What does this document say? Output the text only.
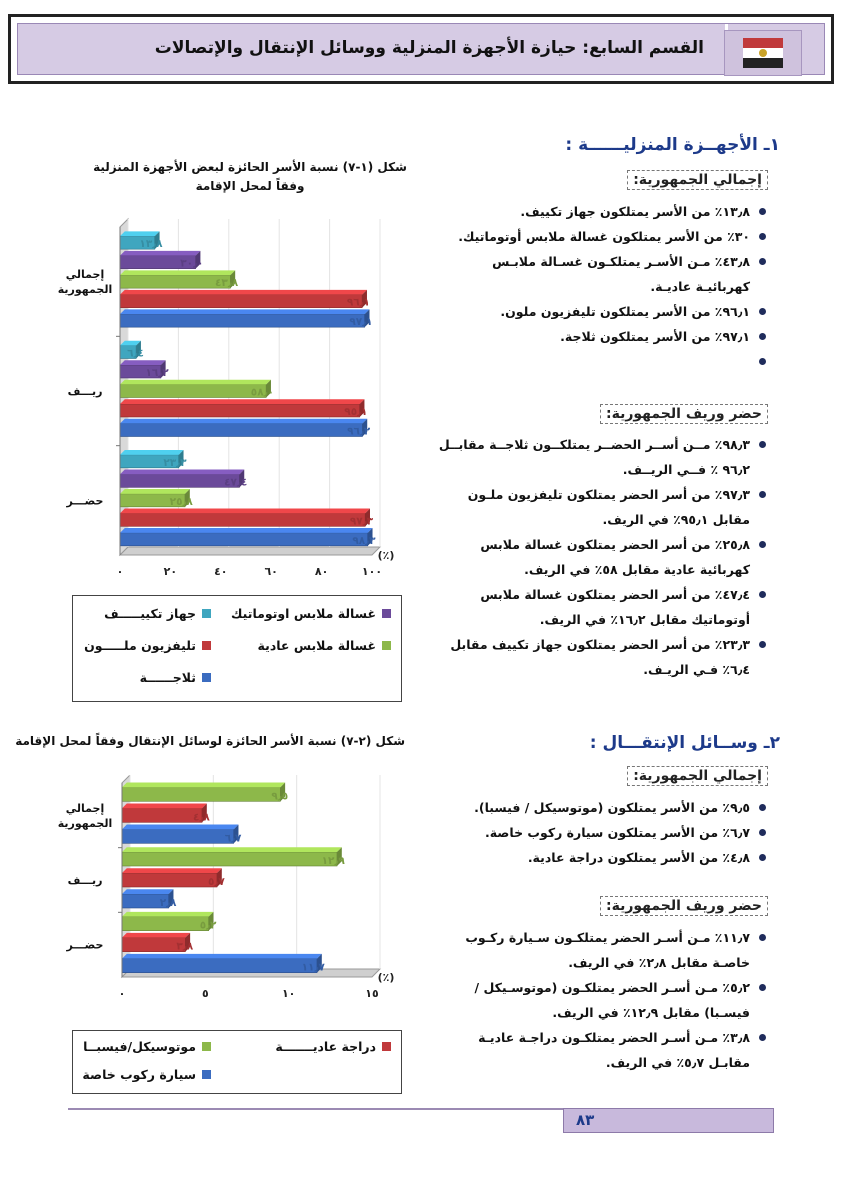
القسم السابع: حيازة الأجهزة المنزلية ووسائل الإنتقال والإتصالات
١ـ الأجهــزة المنزليــــــة :
إجمالي الجمهورية:
١٣٫٨٪ من الأسر يمتلكون جهاز تكييف.
٣٠٪ من الأسر يمتلكون غسالة ملابس أوتوماتيك.
٤٣٫٨٪ مـن الأسـر يمتلكـون غسـالة ملابـس كهربائيـة عاديـة.
٩٦٫١٪ من الأسر يمتلكون تليفزيون ملون.
٩٧٫١٪ من الأسر يمتلكون ثلاجة.
حضر وريف الجمهورية:
٩٨٫٣٪ مــن أســر الحضــر يمتلكــون ثلاجــة مقابــل ٩٦٫٢ ٪ فــي الريــف.
٩٧٫٣٪ من أسر الحضر يمتلكون تليفزيون ملـون مقابل ٩٥٫١٪ في الريف.
٢٥٫٨٪ من أسر الحضر يمتلكون غسالة ملابس كهربائية عادية مقابل ٥٨٪ في الريف.
٤٧٫٤٪ من أسر الحضر يمتلكون غسالة ملابس أوتوماتيك مقابل ١٦٫٢٪ في الريف.
٢٣٫٣٪ من أسر الحضر يمتلكون جهاز تكييف مقابل ٦٫٤٪ فـي الريـف.
٢ـ وســائل الإنتقـــال :
إجمالي الجمهورية:
٩٫٥٪ من الأسر يمتلكون (موتوسيكل / فيسبا).
٦٫٧٪ من الأسر يمتلكون سيارة ركوب خاصة.
٤٫٨٪ من الأسر يمتلكون دراجة عادية.
حضر وريف الجمهورية:
١١٫٧٪ مـن أسـر الحضر يمتلكـون سـيارة ركـوب خاصـة مقابل ٢٫٨٪ في الريف.
٥٫٢٪ مـن أسـر الحضر يمتلكـون (موتوسـيكل / فيسـبا) مقابل ١٢٫٩٪ في الريف.
٣٫٨٪ مـن أسـر الحضر يمتلكـون دراجـة عاديـة مقابـل ٥٫٧٪ في الريف.
شكل (١-٧) نسبة الأسر الحائزة لبعض الأجهزة المنزلية وفقاً لمحل الإقامة
٠	٢٠	٤٠	٦٠	٨٠	١٠٠
(٪)
إجمالي
الجمهورية
١٣٫٨
٣٠٫٠
٤٣٫٨
٩٦٫١
٩٧٫١
ريـــف
٦٫٤
١٦٫٢
٥٨٫٠
٩٥٫١
٩٦٫٢
حضـــر
٢٣٫٣
٤٧٫٤
٢٥٫٨
٩٧٫٣
٩٨٫٣
غسالة ملابس اوتوماتيك
جهاز تكييـــــف
غسالة ملابس عادية
تليفزيون ملـــــون
ثلاجــــــة
شكل (٢-٧) نسبة الأسر الحائزة لوسائل الإنتقال وفقاً لمحل الإقامة
٠	٥	١٠	١٥
(٪)
إجمالي
الجمهورية
٩٫٥
٤٫٨
٦٫٧
ريـــف
١٢٫٩
٥٫٧
٢٫٨
حضـــر
٥٫٢
٣٫٨
١١٫٧
دراجة عاديـــــــة
موتوسيكل/فيسبــا
سيارة ركوب خاصة
٨٣
